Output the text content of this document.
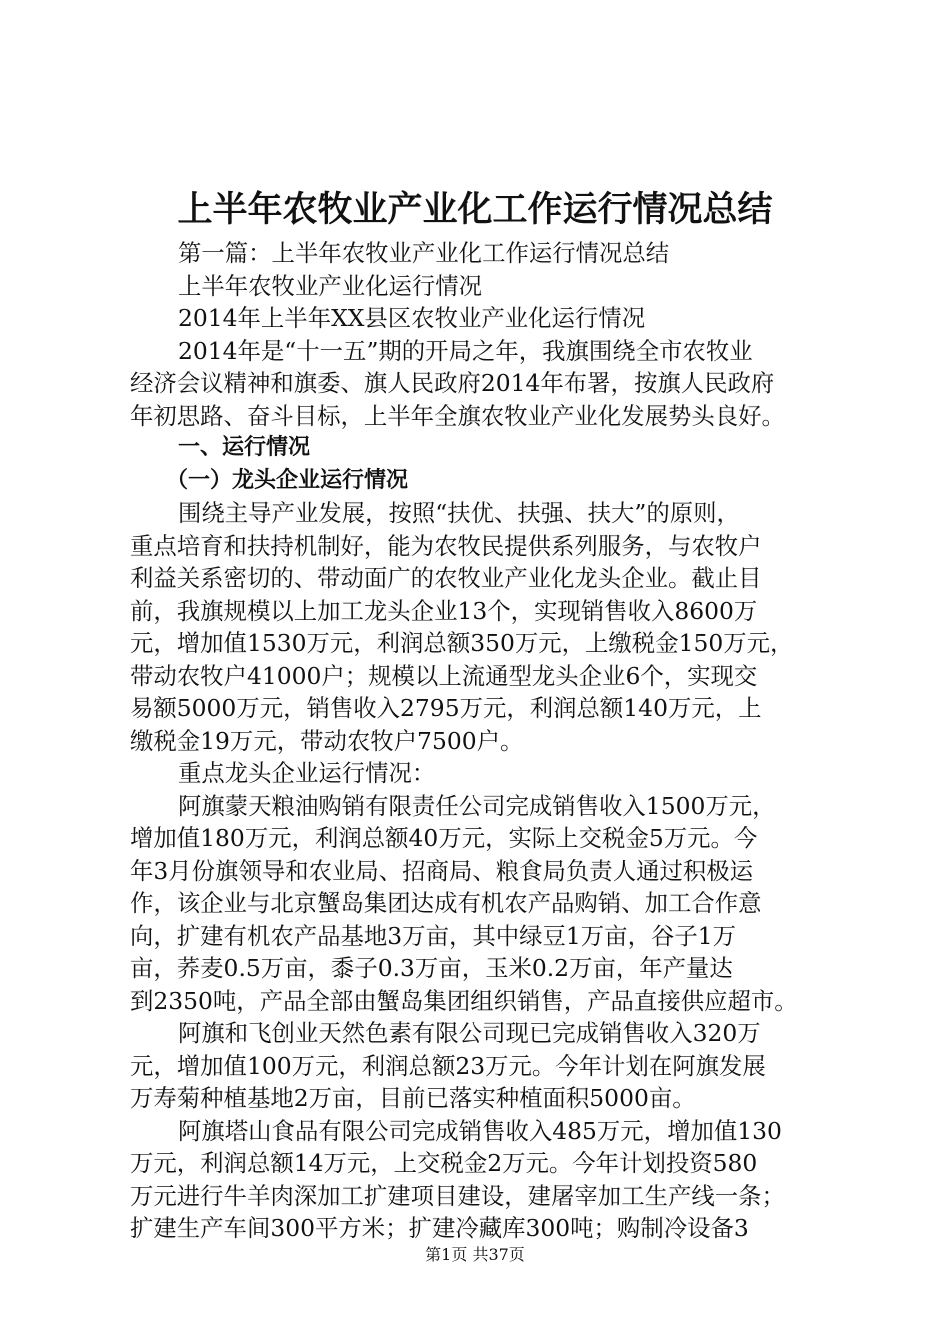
上半年农牧业产业化工作运行情况总结

第一篇：上半年农牧业产业化工作运行情况总结

上半年农牧业产业化运行情况

2014年上半年XX县区农牧业产业化运行情况

2014年是“十一五”期的开局之年，我旗围绕全市农牧业

经济会议精神和旗委、旗人民政府2014年布署，按旗人民政府

年初思路、奋斗目标，上半年全旗农牧业产业化发展势头良好。

一、运行情况

（一）龙头企业运行情况

围绕主导产业发展，按照“扶优、扶强、扶大”的原则，

重点培育和扶持机制好，能为农牧民提供系列服务，与农牧户

利益关系密切的、带动面广的农牧业产业化龙头企业。截止目

前，我旗规模以上加工龙头企业13个，实现销售收入8600万

元，增加值1530万元，利润总额350万元，上缴税金150万元，

带动农牧户41000户；规模以上流通型龙头企业6个，实现交

易额5000万元，销售收入2795万元，利润总额140万元，上

缴税金19万元，带动农牧户7500户。

重点龙头企业运行情况：

阿旗蒙天粮油购销有限责任公司完成销售收入1500万元，

增加值180万元，利润总额40万元，实际上交税金5万元。今

年3月份旗领导和农业局、招商局、粮食局负责人通过积极运

作，该企业与北京蟹岛集团达成有机农产品购销、加工合作意

向，扩建有机农产品基地3万亩，其中绿豆1万亩，谷子1万

亩，荞麦0.5万亩，黍子0.3万亩，玉米0.2万亩，年产量达

到2350吨，产品全部由蟹岛集团组织销售，产品直接供应超市。

阿旗和飞创业天然色素有限公司现已完成销售收入320万

元，增加值100万元，利润总额23万元。今年计划在阿旗发展

万寿菊种植基地2万亩，目前已落实种植面积5000亩。

阿旗塔山食品有限公司完成销售收入485万元，增加值130

万元，利润总额14万元，上交税金2万元。今年计划投资580

万元进行牛羊肉深加工扩建项目建设，建屠宰加工生产线一条；

扩建生产车间300平方米；扩建冷藏库300吨；购制冷设备3

第1页 共37页
